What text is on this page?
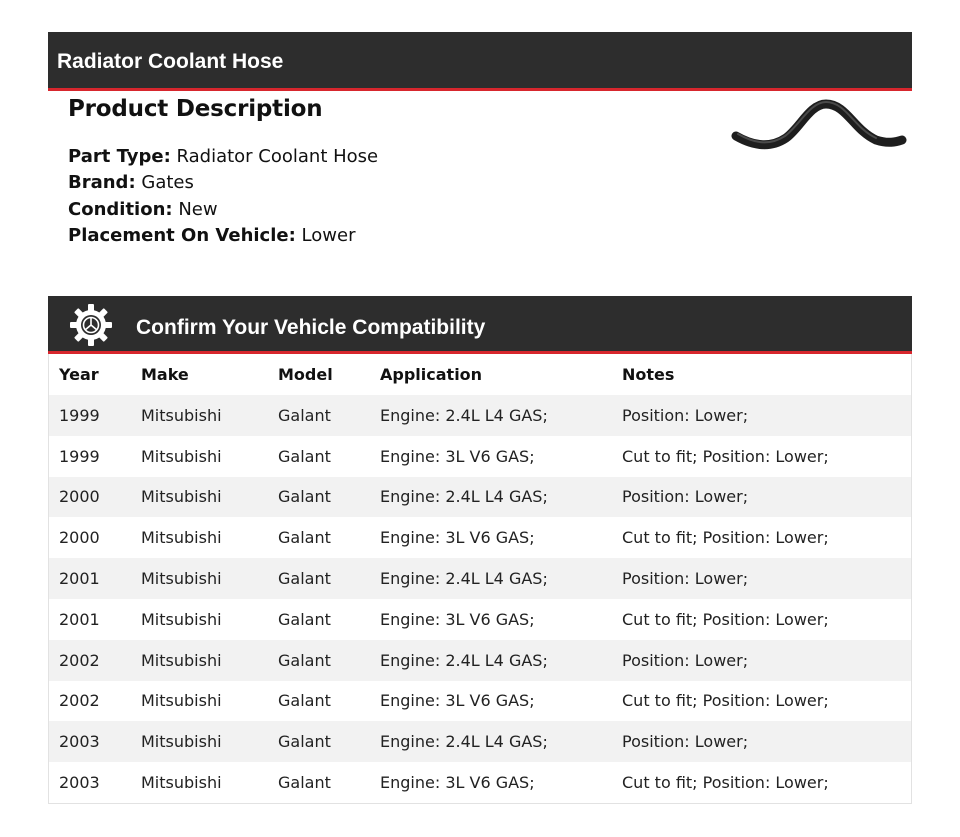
Radiator Coolant Hose
Product Description
Part Type: Radiator Coolant Hose
Brand: Gates
Condition: New
Placement On Vehicle: Lower
Confirm Your Vehicle Compatibility
Year	Make	Model	Application	Notes
1999	Mitsubishi	Galant	Engine: 2.4L L4 GAS;	Position: Lower;
1999	Mitsubishi	Galant	Engine: 3L V6 GAS;	Cut to fit; Position: Lower;
2000	Mitsubishi	Galant	Engine: 2.4L L4 GAS;	Position: Lower;
2000	Mitsubishi	Galant	Engine: 3L V6 GAS;	Cut to fit; Position: Lower;
2001	Mitsubishi	Galant	Engine: 2.4L L4 GAS;	Position: Lower;
2001	Mitsubishi	Galant	Engine: 3L V6 GAS;	Cut to fit; Position: Lower;
2002	Mitsubishi	Galant	Engine: 2.4L L4 GAS;	Position: Lower;
2002	Mitsubishi	Galant	Engine: 3L V6 GAS;	Cut to fit; Position: Lower;
2003	Mitsubishi	Galant	Engine: 2.4L L4 GAS;	Position: Lower;
2003	Mitsubishi	Galant	Engine: 3L V6 GAS;	Cut to fit; Position: Lower;
